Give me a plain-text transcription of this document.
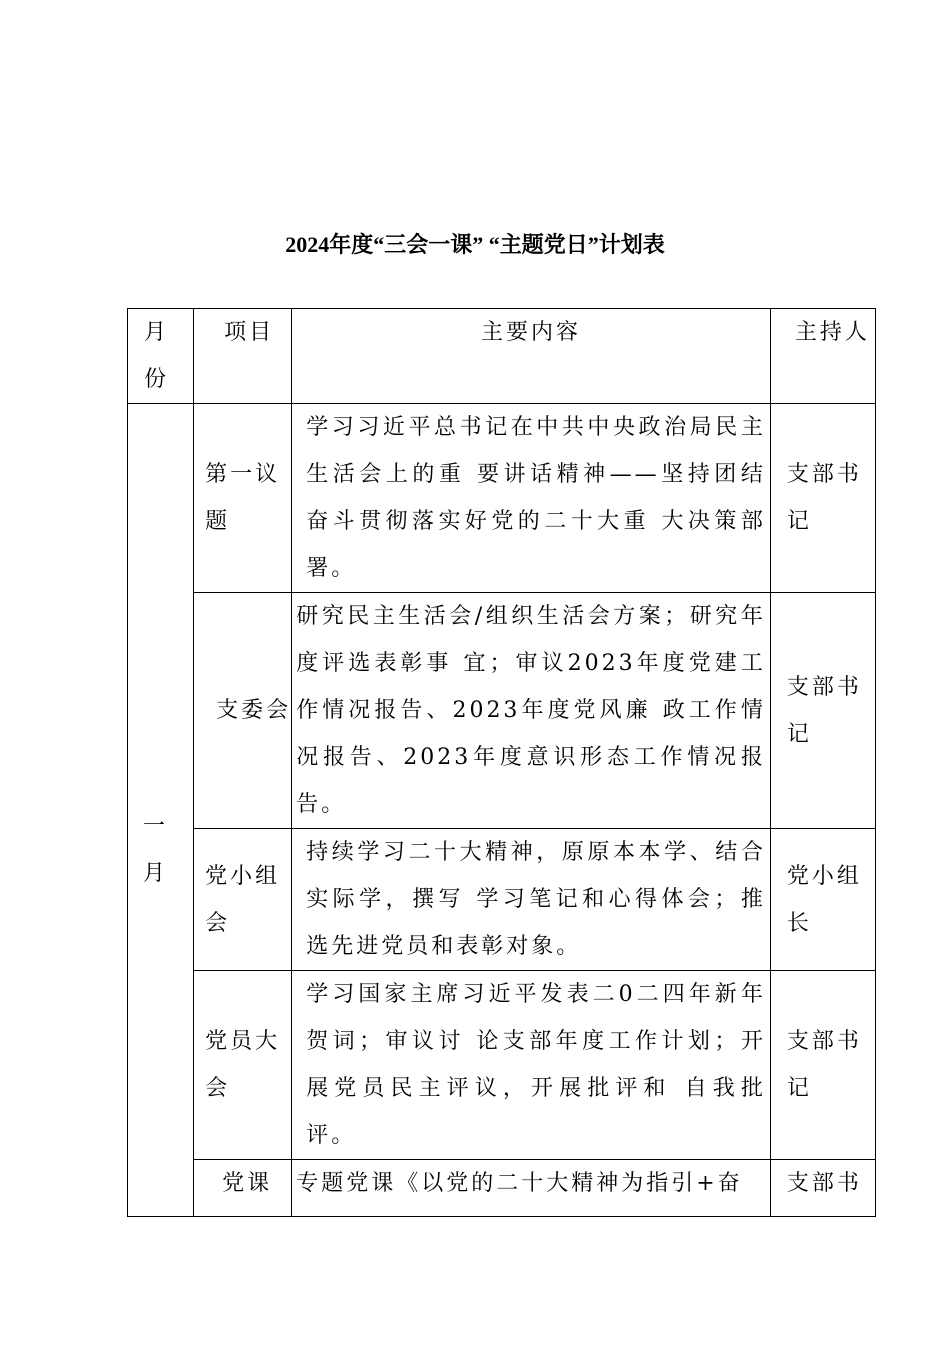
2024年度“三会一课” “主题党日”计划表
月份	项目	主要内容	主持人

一 月	第一议题	学习习近平总书记在中共中央政治局民主生活会上的重 要讲话精神——坚持团结奋斗贯彻落实好党的二十大重 大决策部署。	支部书记

	支委会	研究民主生活会/组织生活会方案；研究年度评选表彰事 宜；审议2023年度党建工作情况报告、2023年度党风廉 政工作情况报告、2023年度意识形态工作情况报告。	支部书记

	党小组会	持续学习二十大精神，原原本本学、结合实际学，撰写 学习笔记和心得体会；推选先进党员和表彰对象。	党小组长

	党员大会	学习国家主席习近平发表二0二四年新年贺词；审议讨 论支部年度工作计划；开展党员民主评议，开展批评和 自我批评。	支部书记

	党课	专题党课《以党的二十大精神为指引+奋	支部书
